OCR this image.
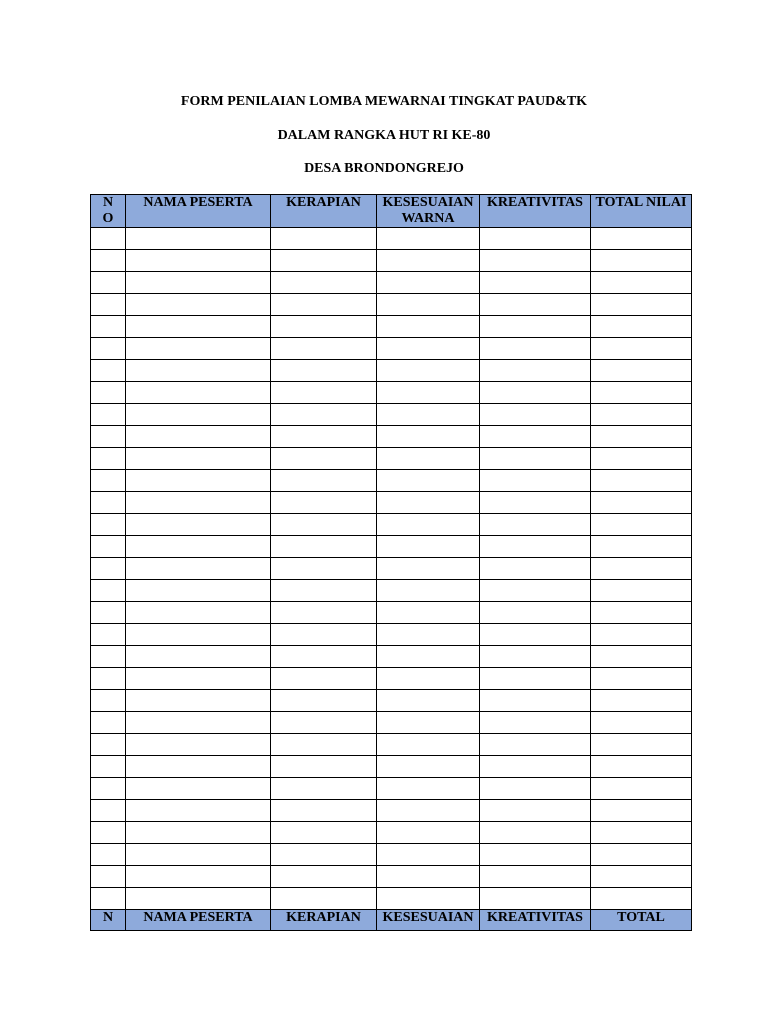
FORM PENILAIAN LOMBA MEWARNAI TINGKAT PAUD&TK
DALAM RANGKA HUT RI KE-80
DESA BRONDONGREJO
NO	NAMA PESERTA	KERAPIAN	KESESUAIAN WARNA	KREATIVITAS	TOTAL NILAI

N	NAMA PESERTA	KERAPIAN	KESESUAIAN	KREATIVITAS	TOTAL
